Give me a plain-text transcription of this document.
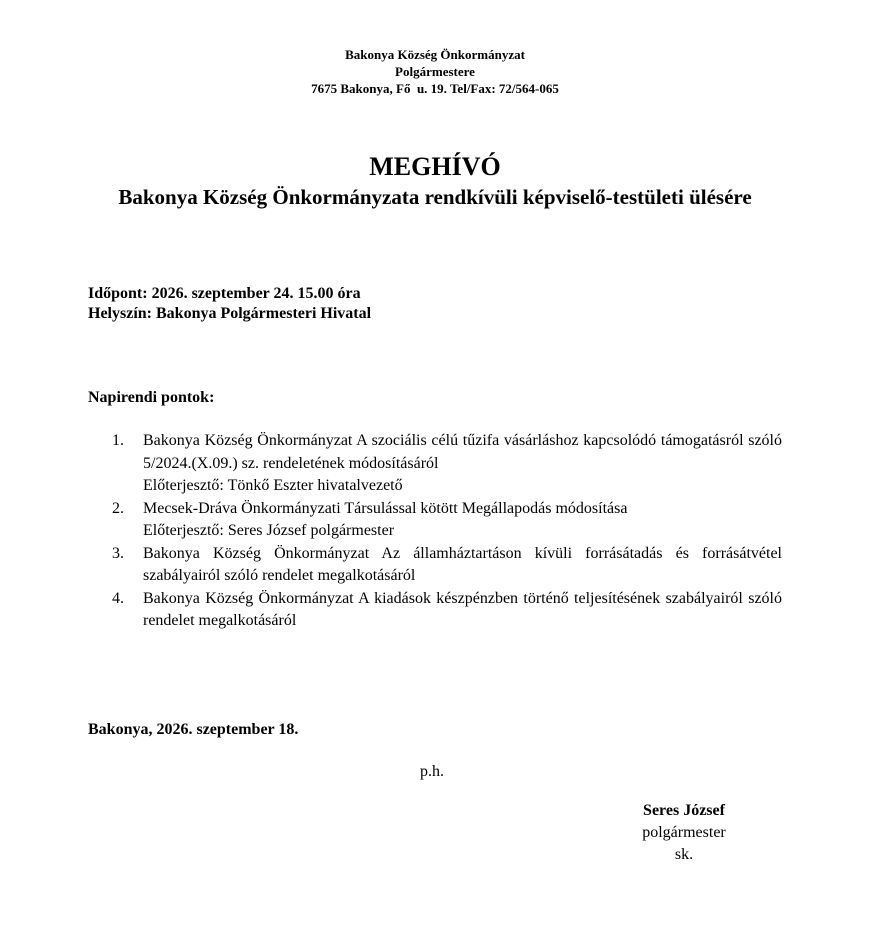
Bakonya Község Önkormányzat
Polgármestere
7675 Bakonya, Fő  u. 19. Tel/Fax: 72/564-065
MEGHÍVÓ
Bakonya Község Önkormányzata rendkívüli képviselő-testületi ülésére
Időpont: 2026. szeptember 24. 15.00 óra
Helyszín: Bakonya Polgármesteri Hivatal
Napirendi pontok:
1. Bakonya Község Önkormányzat A szociális célú tűzifa vásárláshoz kapcsolódó támogatásról szóló 5/2024.(X.09.) sz. rendeletének módosításáról
Előterjesztő: Tönkő Eszter hivatalvezető
2. Mecsek-Dráva Önkormányzati Társulással kötött Megállapodás módosítása
Előterjesztő: Seres József polgármester
3. Bakonya Község Önkormányzat Az államháztartáson kívüli forrásátadás és forrásátvétel szabályairól szóló rendelet megalkotásáról
4. Bakonya Község Önkormányzat A kiadások készpénzben történő teljesítésének szabályairól szóló rendelet megalkotásáról
Bakonya, 2026. szeptember 18.
p.h.
Seres József
polgármester
sk.
